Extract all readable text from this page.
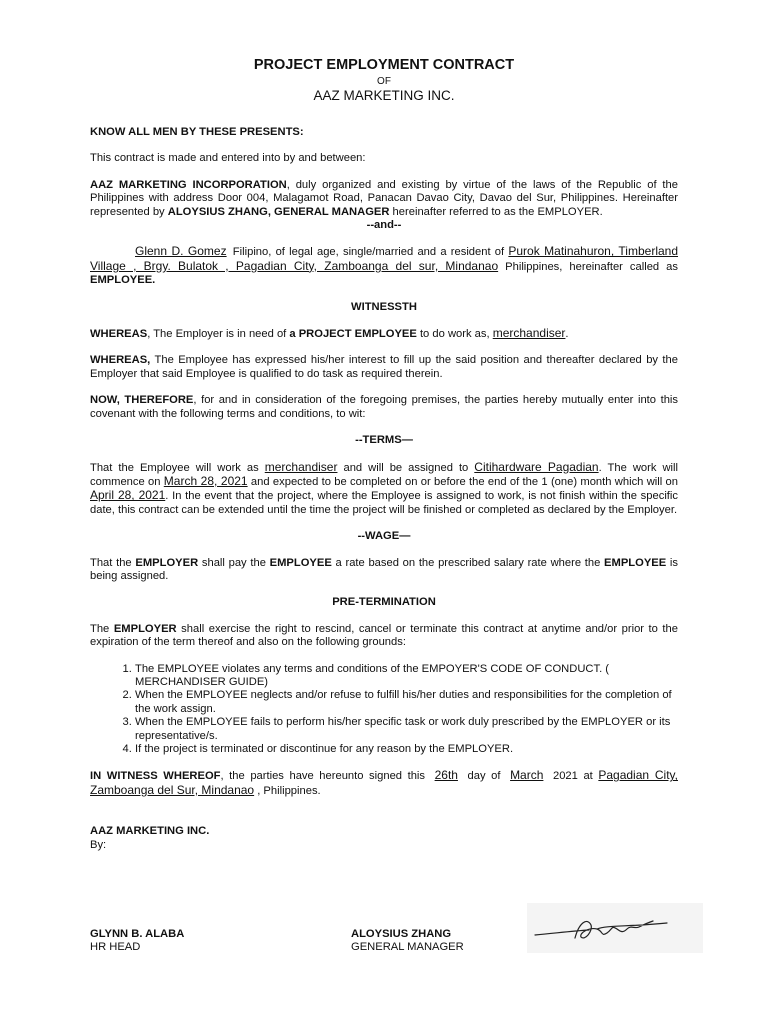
PROJECT EMPLOYMENT CONTRACT

OF

AAZ MARKETING INC.

KNOW ALL MEN BY THESE PRESENTS:

This contract is made and entered into by and between:

AAZ MARKETING INCORPORATION, duly organized and existing by virtue of the laws of the Republic of the Philippines with address Door 004, Malagamot Road, Panacan Davao City, Davao del Sur, Philippines. Hereinafter represented by ALOYSIUS ZHANG, GENERAL MANAGER hereinafter referred to as the EMPLOYER.

--and--

Glenn D. Gomez Filipino, of legal age, single/married and a resident of Purok Matinahuron, Timberland Village , Brgy. Bulatok , Pagadian City, Zamboanga del sur, Mindanao Philippines, hereinafter called as EMPLOYEE.

WITNESSTH

WHEREAS, The Employer is in need of a PROJECT EMPLOYEE to do work as, merchandiser.

WHEREAS, The Employee has expressed his/her interest to fill up the said position and thereafter declared by the Employer that said Employee is qualified to do task as required therein.

NOW, THEREFORE, for and in consideration of the foregoing premises, the parties hereby mutually enter into this covenant with the following terms and conditions, to wit:

--TERMS—

That the Employee will work as merchandiser and will be assigned to Citihardware Pagadian. The work will commence on March 28, 2021 and expected to be completed on or before the end of the 1 (one) month which will on April 28, 2021. In the event that the project, where the Employee is assigned to work, is not finish within the specific date, this contract can be extended until the time the project will be finished or completed as declared by the Employer.

--WAGE—

That the EMPLOYER shall pay the EMPLOYEE a rate based on the prescribed salary rate where the EMPLOYEE is being assigned.

PRE-TERMINATION

The EMPLOYER shall exercise the right to rescind, cancel or terminate this contract at anytime and/or prior to the expiration of the term thereof and also on the following grounds:

1. The EMPLOYEE violates any terms and conditions of the EMPOYER'S CODE OF CONDUCT. ( MERCHANDISER GUIDE)
2. When the EMPLOYEE neglects and/or refuse to fulfill his/her duties and responsibilities for the completion of the work assign.
3. When the EMPLOYEE fails to perform his/her specific task or work duly prescribed by the EMPLOYER or its representative/s.
4. If the project is terminated or discontinue for any reason by the EMPLOYER.

IN WITNESS WHEREOF, the parties have hereunto signed this 26th day of March 2021 at Pagadian City, Zamboanga del Sur, Mindanao , Philippines.

AAZ MARKETING INC.

By:

GLYNN B. ALABA

HR HEAD

ALOYSIUS ZHANG

GENERAL MANAGER
